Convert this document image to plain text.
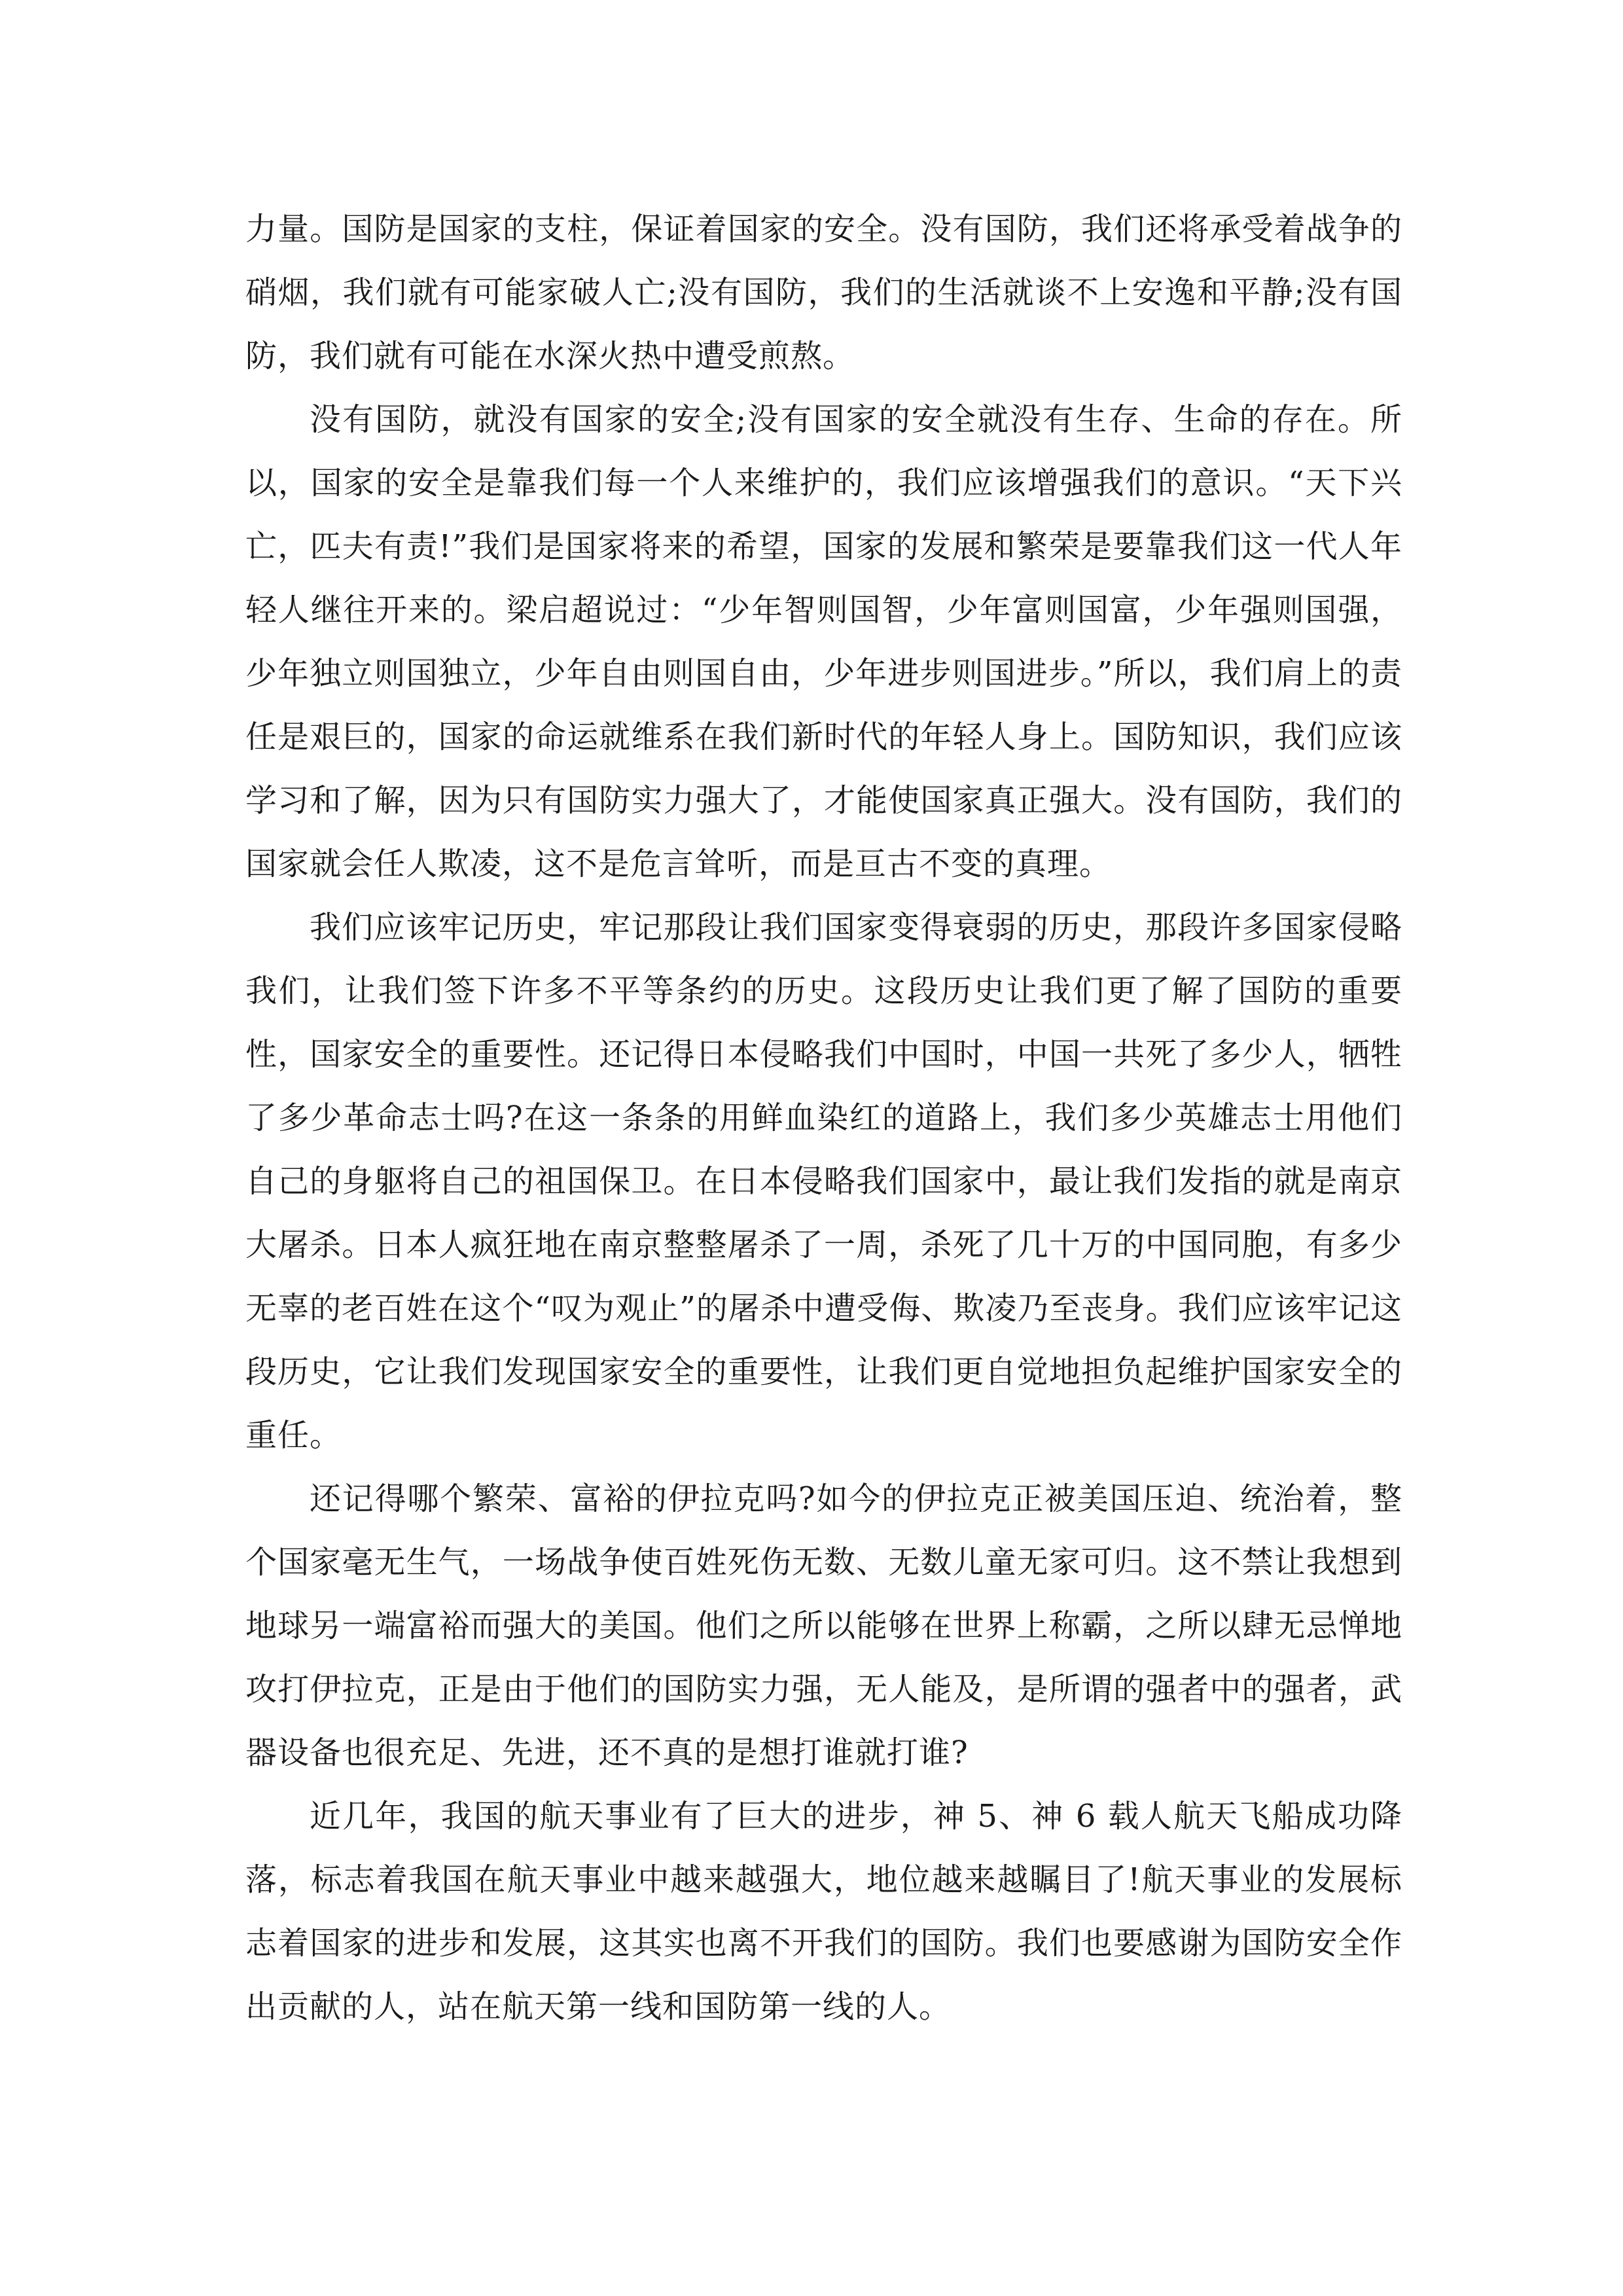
力量。国防是国家的支柱，保证着国家的安全。没有国防，我们还将承受着战争的硝烟，我们就有可能家破人亡;没有国防，我们的生活就谈不上安逸和平静;没有国防，我们就有可能在水深火热中遭受煎熬。

没有国防，就没有国家的安全;没有国家的安全就没有生存、生命的存在。所以，国家的安全是靠我们每一个人来维护的，我们应该增强我们的意识。“天下兴亡，匹夫有责!”我们是国家将来的希望，国家的发展和繁荣是要靠我们这一代人年轻人继往开来的。梁启超说过：“少年智则国智，少年富则国富，少年强则国强，少年独立则国独立，少年自由则国自由，少年进步则国进步。”所以，我们肩上的责任是艰巨的，国家的命运就维系在我们新时代的年轻人身上。国防知识，我们应该学习和了解，因为只有国防实力强大了，才能使国家真正强大。没有国防，我们的国家就会任人欺凌，这不是危言耸听，而是亘古不变的真理。

我们应该牢记历史，牢记那段让我们国家变得衰弱的历史，那段许多国家侵略我们，让我们签下许多不平等条约的历史。这段历史让我们更了解了国防的重要性，国家安全的重要性。还记得日本侵略我们中国时，中国一共死了多少人，牺牲了多少革命志士吗?在这一条条的用鲜血染红的道路上，我们多少英雄志士用他们自己的身躯将自己的祖国保卫。在日本侵略我们国家中，最让我们发指的就是南京大屠杀。日本人疯狂地在南京整整屠杀了一周，杀死了几十万的中国同胞，有多少无辜的老百姓在这个“叹为观止”的屠杀中遭受侮、欺凌乃至丧身。我们应该牢记这段历史，它让我们发现国家安全的重要性，让我们更自觉地担负起维护国家安全的重任。

还记得哪个繁荣、富裕的伊拉克吗?如今的伊拉克正被美国压迫、统治着，整个国家毫无生气，一场战争使百姓死伤无数、无数儿童无家可归。这不禁让我想到地球另一端富裕而强大的美国。他们之所以能够在世界上称霸，之所以肆无忌惮地攻打伊拉克，正是由于他们的国防实力强，无人能及，是所谓的强者中的强者，武器设备也很充足、先进，还不真的是想打谁就打谁?

近几年，我国的航天事业有了巨大的进步，神 5、神 6 载人航天飞船成功降落，标志着我国在航天事业中越来越强大，地位越来越瞩目了!航天事业的发展标志着国家的进步和发展，这其实也离不开我们的国防。我们也要感谢为国防安全作出贡献的人，站在航天第一线和国防第一线的人。
